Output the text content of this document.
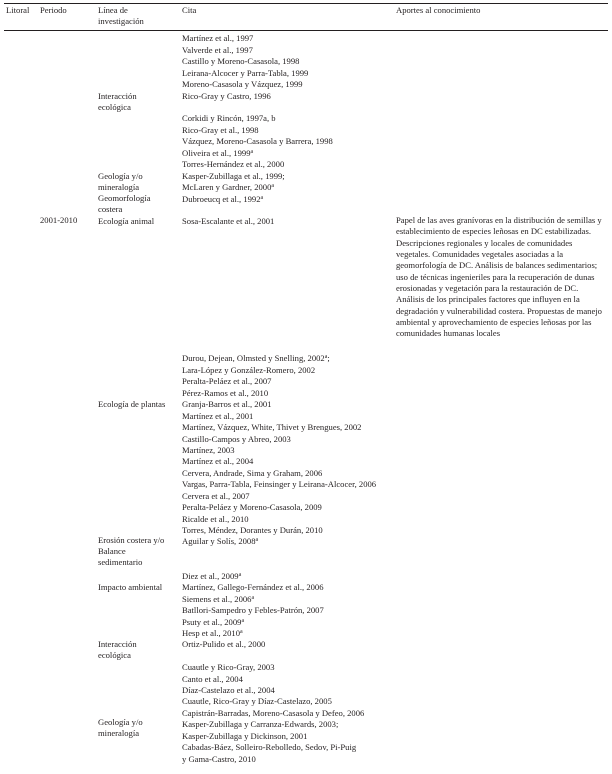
Litoral Periodo	Línea de
investigación
Cita	Aportes al conocimiento
2001-2010
Interacción
ecológica
Geología y/o
mineralogía
Geomorfología
costera
Ecología animal
Ecología de plantas
Erosión costera y/o
Balance
sedimentario
Impacto ambiental
Interacción
ecológica
Geología y/o
mineralogía
Martínez et al., 1997
Valverde et al., 1997
Castillo y Moreno-Casasola, 1998
Leirana-Alcocer y Parra-Tabla, 1999
Moreno-Casasola y Vázquez, 1999
Rico-Gray y Castro, 1996
Corkidi y Rincón, 1997a, b
Rico-Gray et al., 1998
Vázquez, Moreno-Casasola y Barrera, 1998
Oliveira et al., 1999$^a$
Torres-Hernández et al., 2000
Kasper-Zubillaga et al., 1999;
McLaren y Gardner, 2000$^a$
Dubroeucq et al., 1992$^a$
Sosa-Escalante et al., 2001
Durou, Dejean, Olmsted y Snelling, 2002$^a$;
Lara-López y González-Romero, 2002
Peralta-Peláez et al., 2007
Pérez-Ramos et al., 2010
Granja-Barros et al., 2001
Martínez et al., 2001
Martínez, Vázquez, White, Thivet y Brengues, 2002
Castillo-Campos y Abreo, 2003
Martínez, 2003
Martínez et al., 2004
Cervera, Andrade, Sima y Graham, 2006
Vargas, Parra-Tabla, Feinsinger y Leirana-Alcocer, 2006
Cervera et al., 2007
Peralta-Peláez y Moreno-Casasola, 2009
Ricalde et al., 2010
Torres, Méndez, Dorantes y Durán, 2010
Aguilar y Solís, 2008$^a$
Diez et al., 2009$^a$
Martínez, Gallego-Fernández et al., 2006
Siemens et al., 2006$^a$
Batllori-Sampedro y Febles-Patrón, 2007
Psuty et al., 2009$^a$
Hesp et al., 2010$^a$
Ortiz-Pulido et al., 2000
Cuautle y Rico-Gray, 2003
Canto et al., 2004
Díaz-Castelazo et al., 2004
Cuautle, Rico-Gray y Díaz-Castelazo, 2005
Capistrán-Barradas, Moreno-Casasola y Defeo, 2006
Kasper-Zubillaga y Carranza-Edwards, 2003;
Kasper-Zubillaga y Dickinson, 2001
Cabadas-Báez, Solleiro-Rebolledo, Sedov, Pi-Puig
y Gama-Castro, 2010
Papel de las aves granívoras en la distribución de semillas y establecimiento de especies leñosas en DC estabilizadas. Descripciones regionales y locales de comunidades vegetales. Comunidades vegetales asociadas a la geomorfología de DC. Análisis de balances sedimentarios; uso de técnicas ingenieriles para la recuperación de dunas erosionadas y vegetación para la restauración de DC. Análisis de los principales factores que influyen en la degradación y vulnerabilidad costera. Propuestas de manejo ambiental y aprovechamiento de especies leñosas por las comunidades humanas locales
